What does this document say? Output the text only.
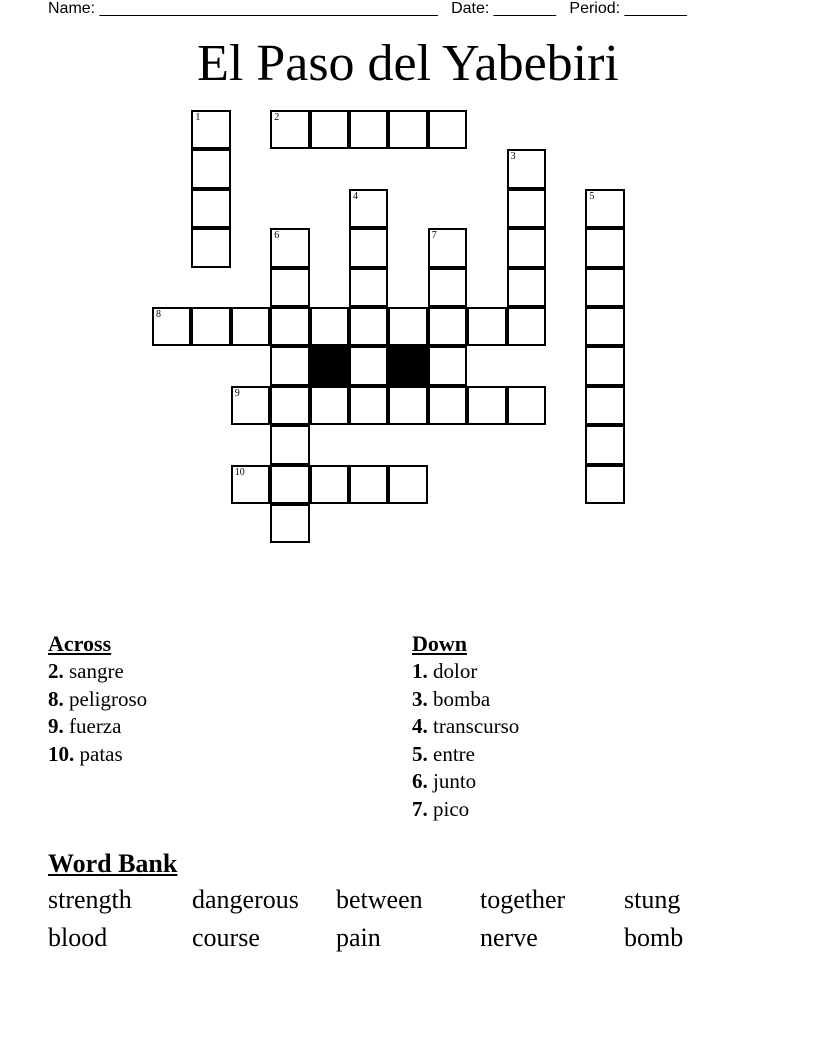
Name: ______________________________________ Date: _______ Period: _______
El Paso del Yabebiri
1	2
3
4
6	7
8
9
10
5
Across
2. sangre
8. peligroso
9. fuerza
10. patas
Down
1. dolor
3. bomba
4. transcurso
5. entre
6. junto
7. pico
Word Bank
strength dangerous between together stung
blood	course	pain	nerve	bomb
